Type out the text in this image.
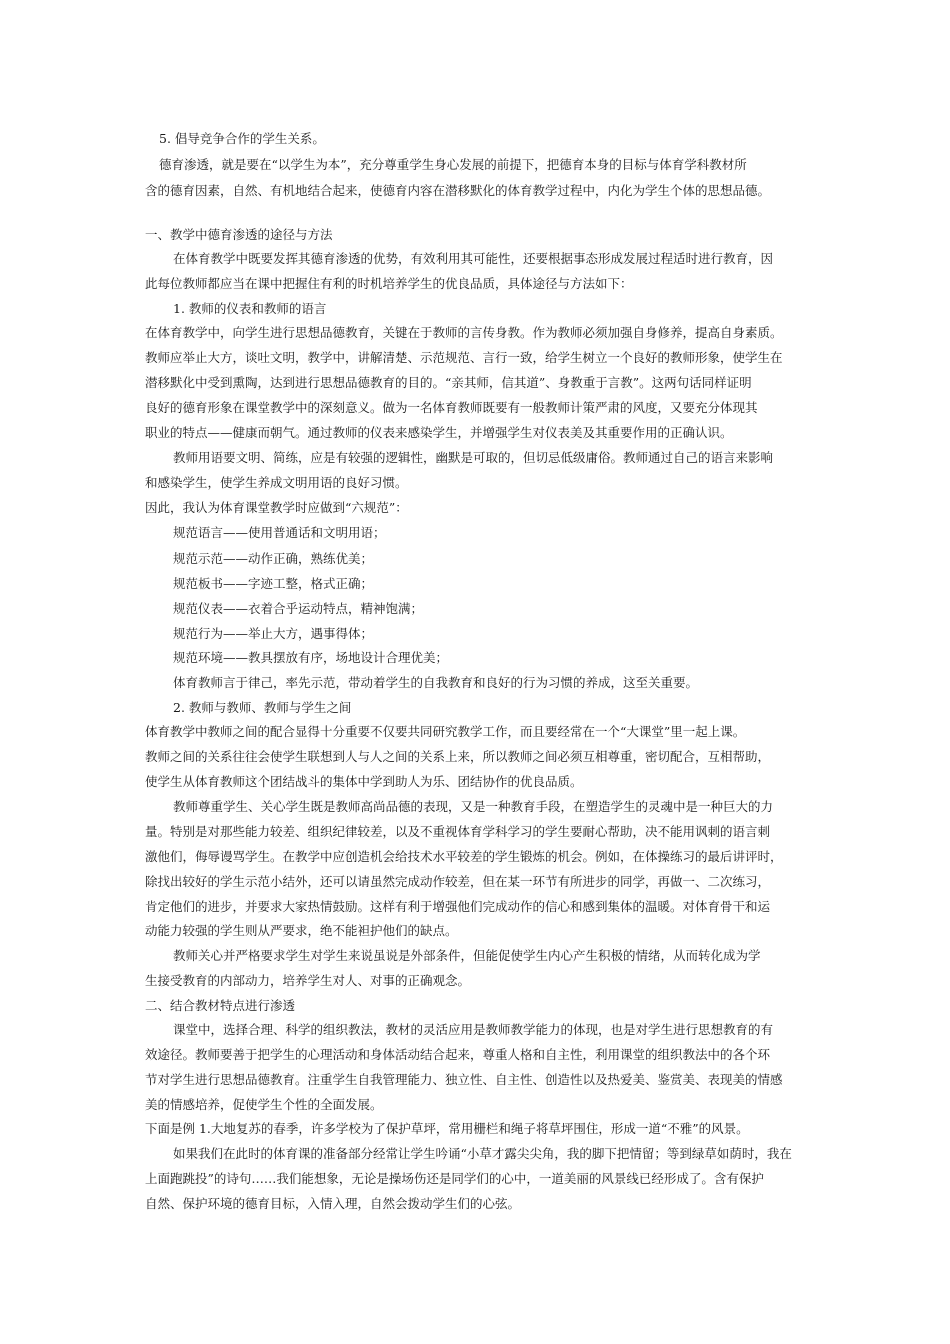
5. 倡导竞争合作的学生关系。
德育渗透，就是要在“以学生为本”，充分尊重学生身心发展的前提下，把德育本身的目标与体育学科教材所
含的德育因素，自然、有机地结合起来，使德育内容在潜移默化的体育教学过程中，内化为学生个体的思想品德。
一、教学中德育渗透的途径与方法
在体育教学中既要发挥其德育渗透的优势，有效利用其可能性，还要根据事态形成发展过程适时进行教育，因
此每位教师都应当在课中把握住有利的时机培养学生的优良品质，具体途径与方法如下：
1. 教师的仪表和教师的语言
在体育教学中，向学生进行思想品德教育，关键在于教师的言传身教。作为教师必须加强自身修养，提高自身素质。
教师应举止大方，谈吐文明，教学中，讲解清楚、示范规范、言行一致，给学生树立一个良好的教师形象，使学生在
潜移默化中受到熏陶，达到进行思想品德教育的目的。“亲其师，信其道”、身教重于言教”。这两句话同样证明
良好的德育形象在课堂教学中的深刻意义。做为一名体育教师既要有一般教师计策严肃的风度，又要充分体现其
职业的特点——健康而朝气。通过教师的仪表来感染学生，并增强学生对仪表美及其重要作用的正确认识。
教师用语要文明、简练，应是有较强的逻辑性，幽默是可取的，但切忌低级庸俗。教师通过自己的语言来影响
和感染学生，使学生养成文明用语的良好习惯。
因此，我认为体育课堂教学时应做到“六规范”：
规范语言——使用普通话和文明用语；
规范示范——动作正确，熟练优美；
规范板书——字迹工整，格式正确；
规范仪表——衣着合乎运动特点，精神饱满；
规范行为——举止大方，遇事得体；
规范环境——教具摆放有序，场地设计合理优美；
体育教师言于律己，率先示范，带动着学生的自我教育和良好的行为习惯的养成，这至关重要。
2. 教师与教师、教师与学生之间
体育教学中教师之间的配合显得十分重要不仅要共同研究教学工作，而且要经常在一个“大课堂”里一起上课。
教师之间的关系往往会使学生联想到人与人之间的关系上来，所以教师之间必须互相尊重，密切配合，互相帮助，
使学生从体育教师这个团结战斗的集体中学到助人为乐、团结协作的优良品质。
教师尊重学生、关心学生既是教师高尚品德的表现，又是一种教育手段，在塑造学生的灵魂中是一种巨大的力
量。特别是对那些能力较差、组织纪律较差，以及不重视体育学科学习的学生要耐心帮助，决不能用讽刺的语言刺
激他们，侮辱谩骂学生。在教学中应创造机会给技术水平较差的学生锻炼的机会。例如，在体操练习的最后讲评时，
除找出较好的学生示范小结外，还可以请虽然完成动作较差，但在某一环节有所进步的同学，再做一、二次练习，
肯定他们的进步，并要求大家热情鼓励。这样有利于增强他们完成动作的信心和感到集体的温暖。对体育骨干和运
动能力较强的学生则从严要求，绝不能袒护他们的缺点。
教师关心并严格要求学生对学生来说虽说是外部条件，但能促使学生内心产生积极的情绪，从而转化成为学
生接受教育的内部动力，培养学生对人、对事的正确观念。
二、结合教材特点进行渗透
课堂中，选择合理、科学的组织教法，教材的灵活应用是教师教学能力的体现，也是对学生进行思想教育的有
效途径。教师要善于把学生的心理活动和身体活动结合起来，尊重人格和自主性，利用课堂的组织教法中的各个环
节对学生进行思想品德教育。注重学生自我管理能力、独立性、自主性、创造性以及热爱美、鉴赏美、表现美的情感
美的情感培养，促使学生个性的全面发展。
下面是例 1.大地复苏的春季，许多学校为了保护草坪，常用栅栏和绳子将草坪围住，形成一道“不雅”的风景。
如果我们在此时的体育课的准备部分经常让学生吟诵“小草才露尖尖角，我的脚下把情留；等到绿草如荫时，我在
上面跑跳投”的诗句……我们能想象，无论是操场伤还是同学们的心中，一道美丽的风景线已经形成了。含有保护
自然、保护环境的德育目标，入情入理，自然会拨动学生们的心弦。
